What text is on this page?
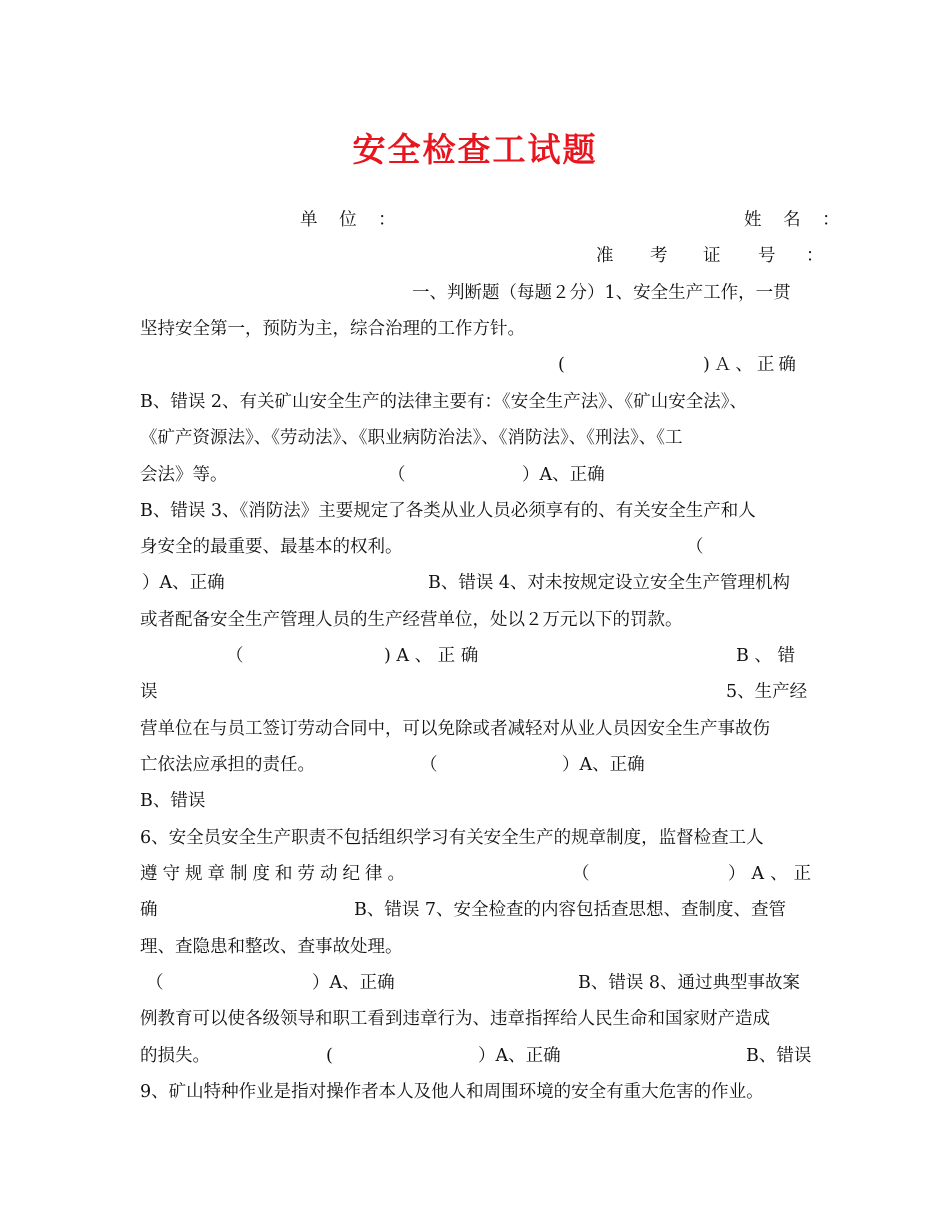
安全检查工试题
单 位 ：	姓 名 ：
准 考 证 号 ：
一、判断题（每题２分）1、安全生产工作，一贯
坚持安全第一，预防为主，综合治理的工作方针。
(	)Ａ、正确
B、错误 2、有关矿山安全生产的法律主要有：《安全生产法》、《矿山安全法》、
《矿产资源法》、《劳动法》、《职业病防治法》、《消防法》、《刑法》、《工
会法》等。	（	）A、正确
B、错误 3、《消防法》主要规定了各类从业人员必须享有的、有关安全生产和人
身安全的最重要、最基本的权利。	（
）A、正确	B、错误 4、对未按规定设立安全生产管理机构
或者配备安全生产管理人员的生产经营单位，处以２万元以下的罚款。
（	) A 、 正 确	B 、 错
误	5、生产经
营单位在与员工签订劳动合同中，可以免除或者减轻对从业人员因安全生产事故伤
亡依法应承担的责任。	（	）A、正确
B、错误
6、安全员安全生产职责不包括组织学习有关安全生产的规章制度，监督检查工人
遵守规章制度和劳动纪律。	（	）A、正
确	B、错误 7、安全检查的内容包括查思想、查制度、查管
理、查隐患和整改、查事故处理。
（	）A、正确	B、错误 8、通过典型事故案
例教育可以使各级领导和职工看到违章行为、违章指挥给人民生命和国家财产造成
的损失。	(	）A、正确	B、错误
9、矿山特种作业是指对操作者本人及他人和周围环境的安全有重大危害的作业。
